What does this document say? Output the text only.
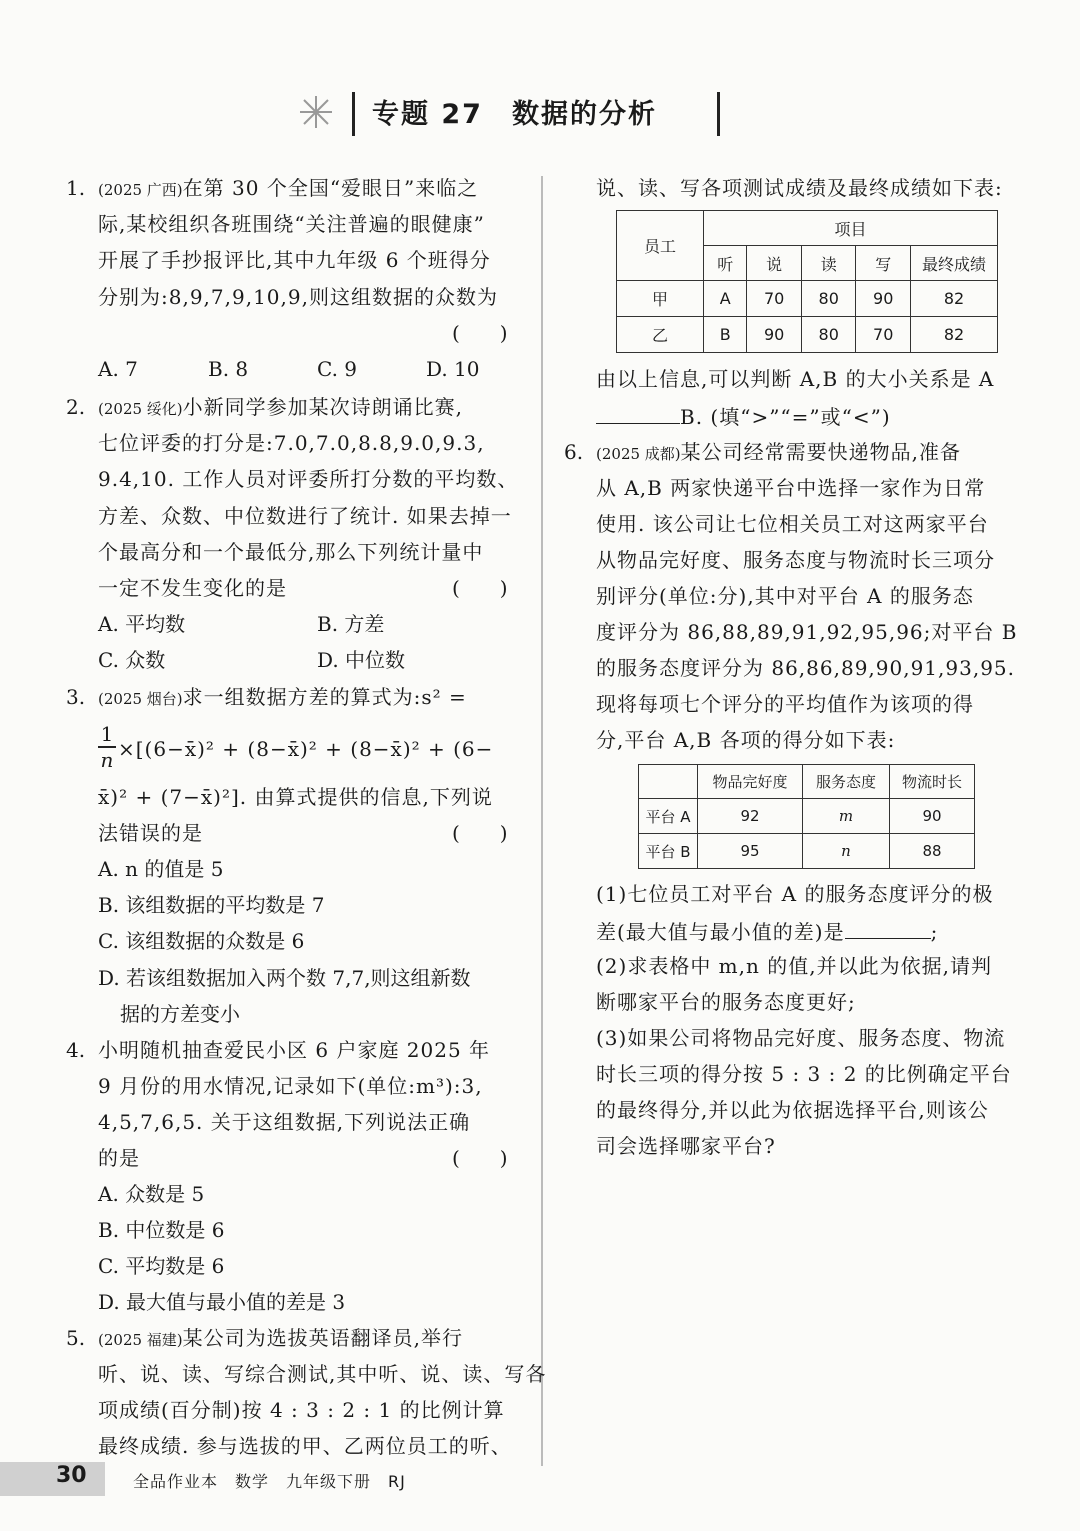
专题 27　数据的分析
1. (2025 广西)在第 30 个全国“爱眼日”来临之
际,某校组织各班围绕“关注普遍的眼健康”
开展了手抄报评比,其中九年级 6 个班得分
分别为:8,9,7,9,10,9,则这组数据的众数为
(　　)
A. 7	B. 8	C. 9	D. 10
2. (2025 绥化)小新同学参加某次诗朗诵比赛,
七位评委的打分是:7.0,7.0,8.8,9.0,9.3,
9.4,10. 工作人员对评委所打分数的平均数、
方差、众数、中位数进行了统计. 如果去掉一
个最高分和一个最低分,那么下列统计量中
一定不发生变化的是	(　　)
A. 平均数	B. 方差
C. 众数	D. 中位数
3. (2025 烟台)求一组数据方差的算式为:s² =
1
n ×[(6−x̄)² + (8−x̄)² + (8−x̄)² + (6−
x̄)² + (7−x̄)²]. 由算式提供的信息,下列说
法错误的是	(　　)
A. n 的值是 5
B. 该组数据的平均数是 7
C. 该组数据的众数是 6
D. 若该组数据加入两个数 7,7,则这组新数
据的方差变小
4. 小明随机抽查爱民小区 6 户家庭 2025 年
9 月份的用水情况,记录如下(单位:m³):3,
4,5,7,6,5. 关于这组数据,下列说法正确
的是	(　　)
A. 众数是 5
B. 中位数是 6
C. 平均数是 6
D. 最大值与最小值的差是 3
5. (2025 福建)某公司为选拔英语翻译员,举行
听、说、读、写综合测试,其中听、说、读、写各
项成绩(百分制)按 4 : 3 : 2 : 1 的比例计算
最终成绩. 参与选拔的甲、乙两位员工的听、
说、读、写各项测试成绩及最终成绩如下表:
员工	项目				
	听	说	读	写	最终成绩
甲	A	70	80	90	82
乙	B	90	80	70	82
由以上信息,可以判断 A,B 的大小关系是 A
B. (填“>”“=”或“<”)
6. (2025 成都)某公司经常需要快递物品,准备
从 A,B 两家快递平台中选择一家作为日常
使用. 该公司让七位相关员工对这两家平台
从物品完好度、服务态度与物流时长三项分
别评分(单位:分),其中对平台 A 的服务态
度评分为 86,88,89,91,92,95,96;对平台 B
的服务态度评分为 86,86,89,90,91,93,95.
现将每项七个评分的平均值作为该项的得
分,平台 A,B 各项的得分如下表:
	物品完好度	服务态度	物流时长
平台 A	92	m	90
平台 B	95	n	88
(1)七位员工对平台 A 的服务态度评分的极
差(最大值与最小值的差)是	;
(2)求表格中 m,n 的值,并以此为依据,请判
断哪家平台的服务态度更好;
(3)如果公司将物品完好度、服务态度、物流
时长三项的得分按 5 : 3 : 2 的比例确定平台
的最终得分,并以此为依据选择平台,则该公
司会选择哪家平台?
30	全品作业本　数学　九年级下册　RJ
